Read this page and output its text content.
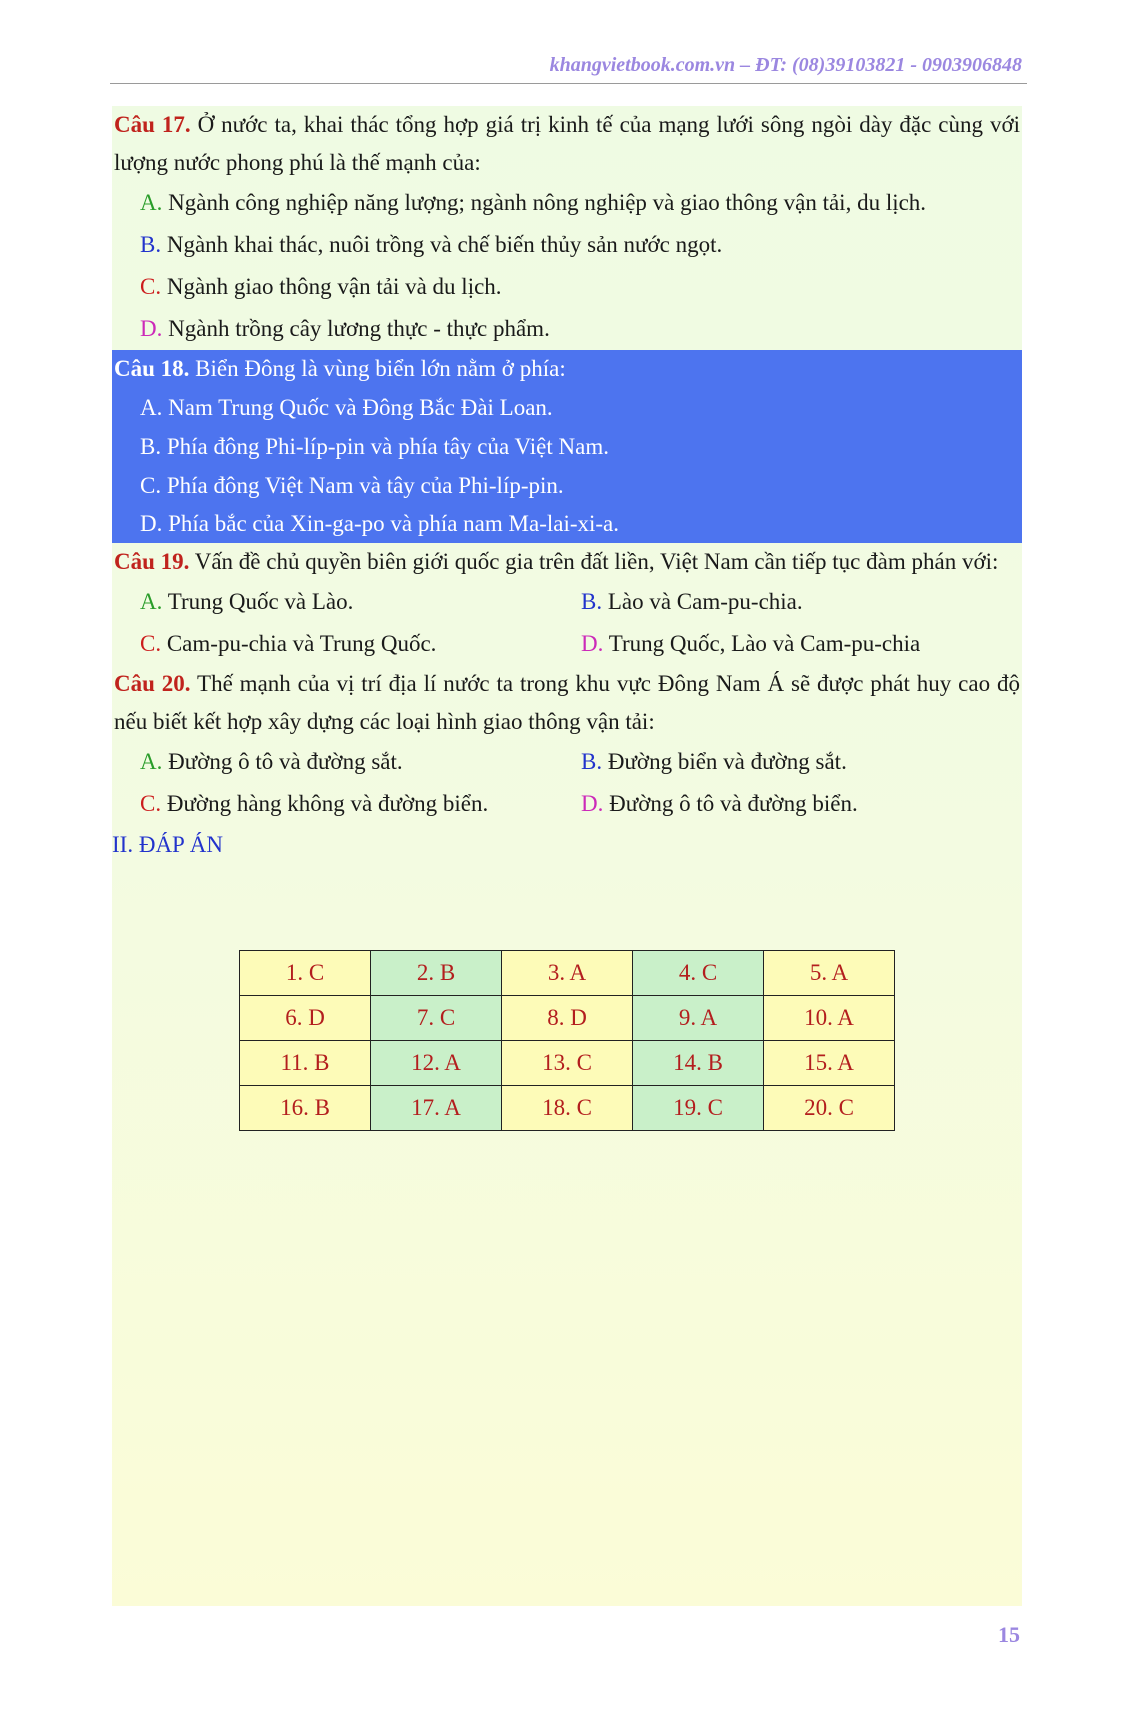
khangvietbook.com.vn – ĐT: (08)39103821 - 0903906848
Câu 17. Ở nước ta, khai thác tổng hợp giá trị kinh tế của mạng lưới sông ngòi dày đặc cùng với lượng nước phong phú là thế mạnh của:
A. Ngành công nghiệp năng lượng; ngành nông nghiệp và giao thông vận tải, du lịch.
B. Ngành khai thác, nuôi trồng và chế biến thủy sản nước ngọt.
C. Ngành giao thông vận tải và du lịch.
D. Ngành trồng cây lương thực - thực phẩm.
Câu 18. Biển Đông là vùng biển lớn nằm ở phía:
A. Nam Trung Quốc và Đông Bắc Đài Loan.
B. Phía đông Phi-líp-pin và phía tây của Việt Nam.
C. Phía đông Việt Nam và tây của Phi-líp-pin.
D. Phía bắc của Xin-ga-po và phía nam Ma-lai-xi-a.
Câu 19. Vấn đề chủ quyền biên giới quốc gia trên đất liền, Việt Nam cần tiếp tục đàm phán với:
A. Trung Quốc và Lào.	B. Lào và Cam-pu-chia.
C. Cam-pu-chia và Trung Quốc.	D. Trung Quốc, Lào và Cam-pu-chia
Câu 20. Thế mạnh của vị trí địa lí nước ta trong khu vực Đông Nam Á sẽ được phát huy cao độ nếu biết kết hợp xây dựng các loại hình giao thông vận tải:
A. Đường ô tô và đường sắt.	B. Đường biển và đường sắt.
C. Đường hàng không và đường biển.	D. Đường ô tô và đường biển.
II. ĐÁP ÁN
1. C	2. B	3. A	4. C	5. A
6. D	7. C	8. D	9. A	10. A
11. B	12. A	13. C	14. B	15. A
16. B	17. A	18. C	19. C	20. C
15
